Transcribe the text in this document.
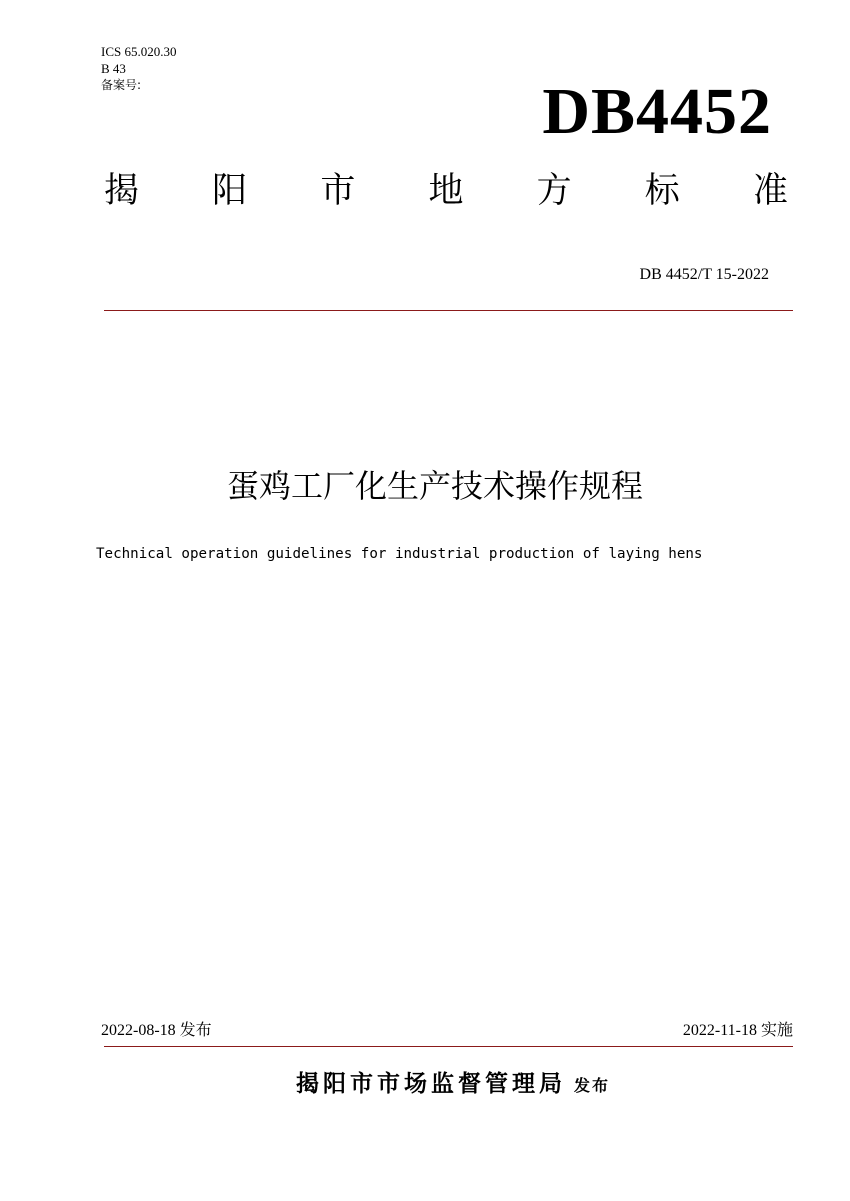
ICS 65.020.30
B 43
备案号:	DB4452
揭 阳 市 地 方 标 准
DB 4452/T 15-2022
蛋鸡工厂化生产技术操作规程
Technical operation guidelines for industrial production of laying hens
2022-08-18 发布	2022-11-18 实施
揭阳市市场监督管理局 发布
